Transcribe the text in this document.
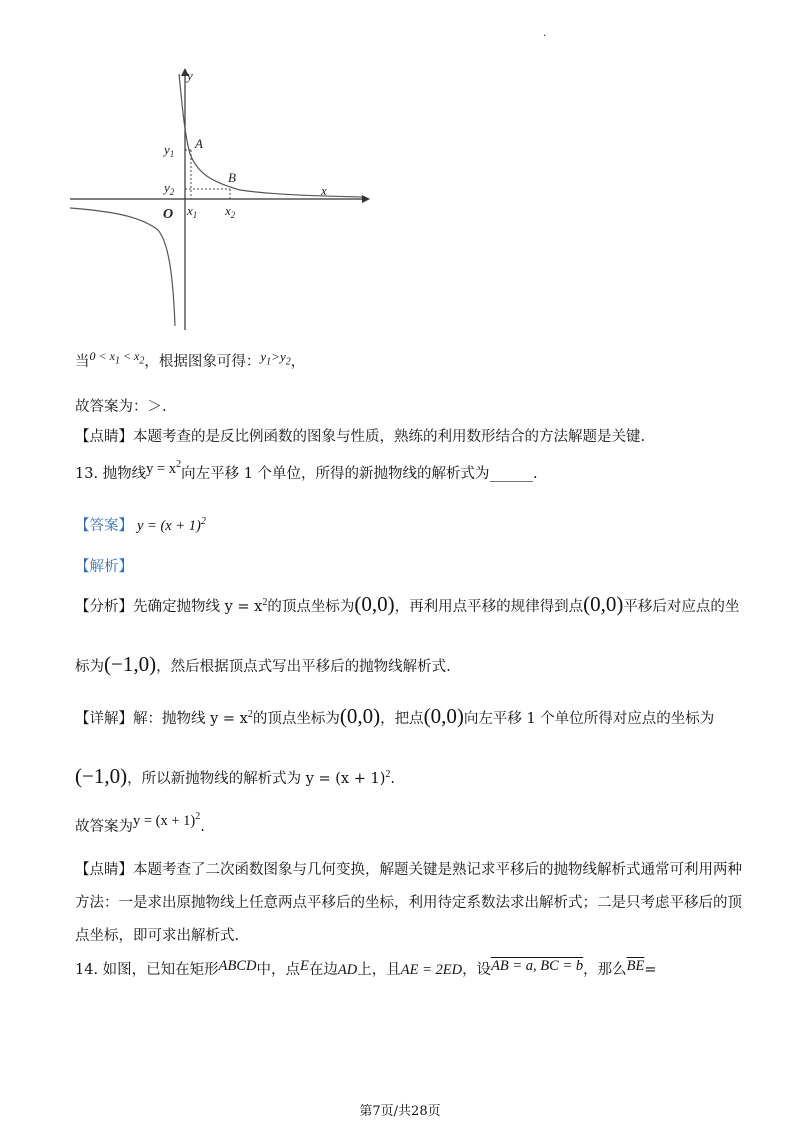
.
y
x
O
A
B
$y_1$
$y_2$
$x_1$ $x_2$
当$^{0 < x_1 < x_2}$，根据图象可得：$y_1>y_2$，
故答案为：＞.
【点睛】本题考查的是反比例函数的图象与性质，熟练的利用数形结合的方法解题是关键.
13. 抛物线$y = x^2$向左平移 1 个单位，所得的新抛物线的解析式为______.
【答案】 $y = (x + 1)^2$
【解析】
【分析】先确定抛物线 $y = x^2$的顶点坐标为(0,0)，再利用点平移的规律得到点(0,0)平移后对应点的坐
标为(−1,0)，然后根据顶点式写出平移后的抛物线解析式.
【详解】解：抛物线 $y = x^2$的顶点坐标为(0,0)，把点(0,0)向左平移 1 个单位所得对应点的坐标为
(−1,0)，所以新抛物线的解析式为 $y = (x + 1)^2$.
故答案为$y = (x + 1)^2$.
【点睛】本题考查了二次函数图象与几何变换，解题关键是熟记求平移后的抛物线解析式通常可利用两种
方法：一是求出原抛物线上任意两点平移后的坐标，利用待定系数法求出解析式；二是只考虑平移后的顶
点坐标，即可求出解析式.
14. 如图，已知在矩形ABCD中，点E在边AD上，且AE = 2ED，设AB = a, BC = b，那么$\overline{BE}=$
第7页/共28页
